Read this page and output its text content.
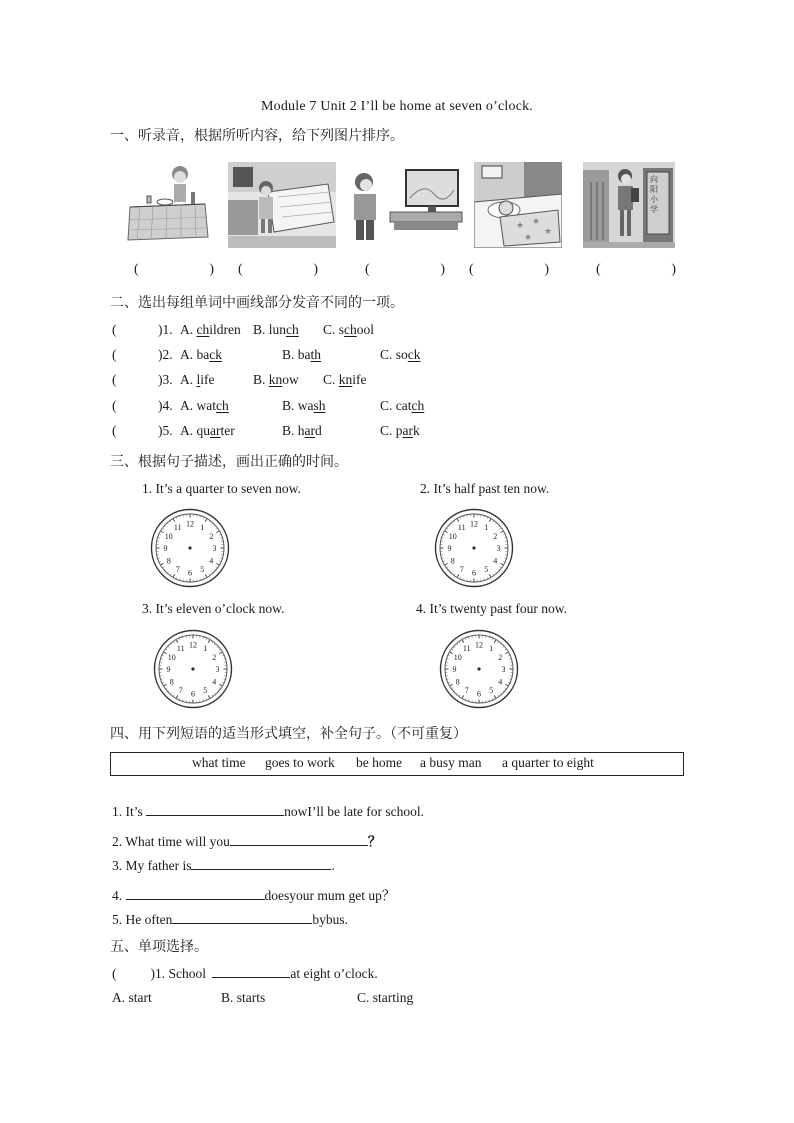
Module 7 Unit 2 I’ll be home at seven o’clock.
一、听录音，根据所听内容，给下列图片排序。
★ ★
★
★
向 阳 小 学
(	) (	)	(	) (	)	(	)
二、选出每组单词中画线部分发音不同的一项。
(	)1. A. children B. lunch C. school
(	)2. A. back	B. bath	C. sock
(	)3. A. life	B. know C. knife
(	)4. A. watch	B. wash	C. catch
(	)5. A. quarter	B. hard	C. park
三、根据句子描述，画出正确的时间。
1. It’s a quarter to seven now.	2. It’s half past ten now.
3. It’s eleven o’clock now.	4. It’s twenty past four now.
12 1
2
3
4
5
6
7
8
9
10
11	12 1
2
3
4
5
6
7
8
9
10
11
12 1
2
3
4
5
6
7
8
9
10
11	12 1
2
3
4
5
6
7
8
9
10
11
四、用下列短语的适当形式填空，补全句子。（不可重复）
what time goes to work be home a busy man a quarter to eight
1. It’s	nowI’ll be late for school.
2. What time will you	？
3. My father is	.
4.	doesyour mum get up？
5. He often	bybus.
五、单项选择。
(	)1. School	at eight o’clock.
A. start	B. starts	C. starting
